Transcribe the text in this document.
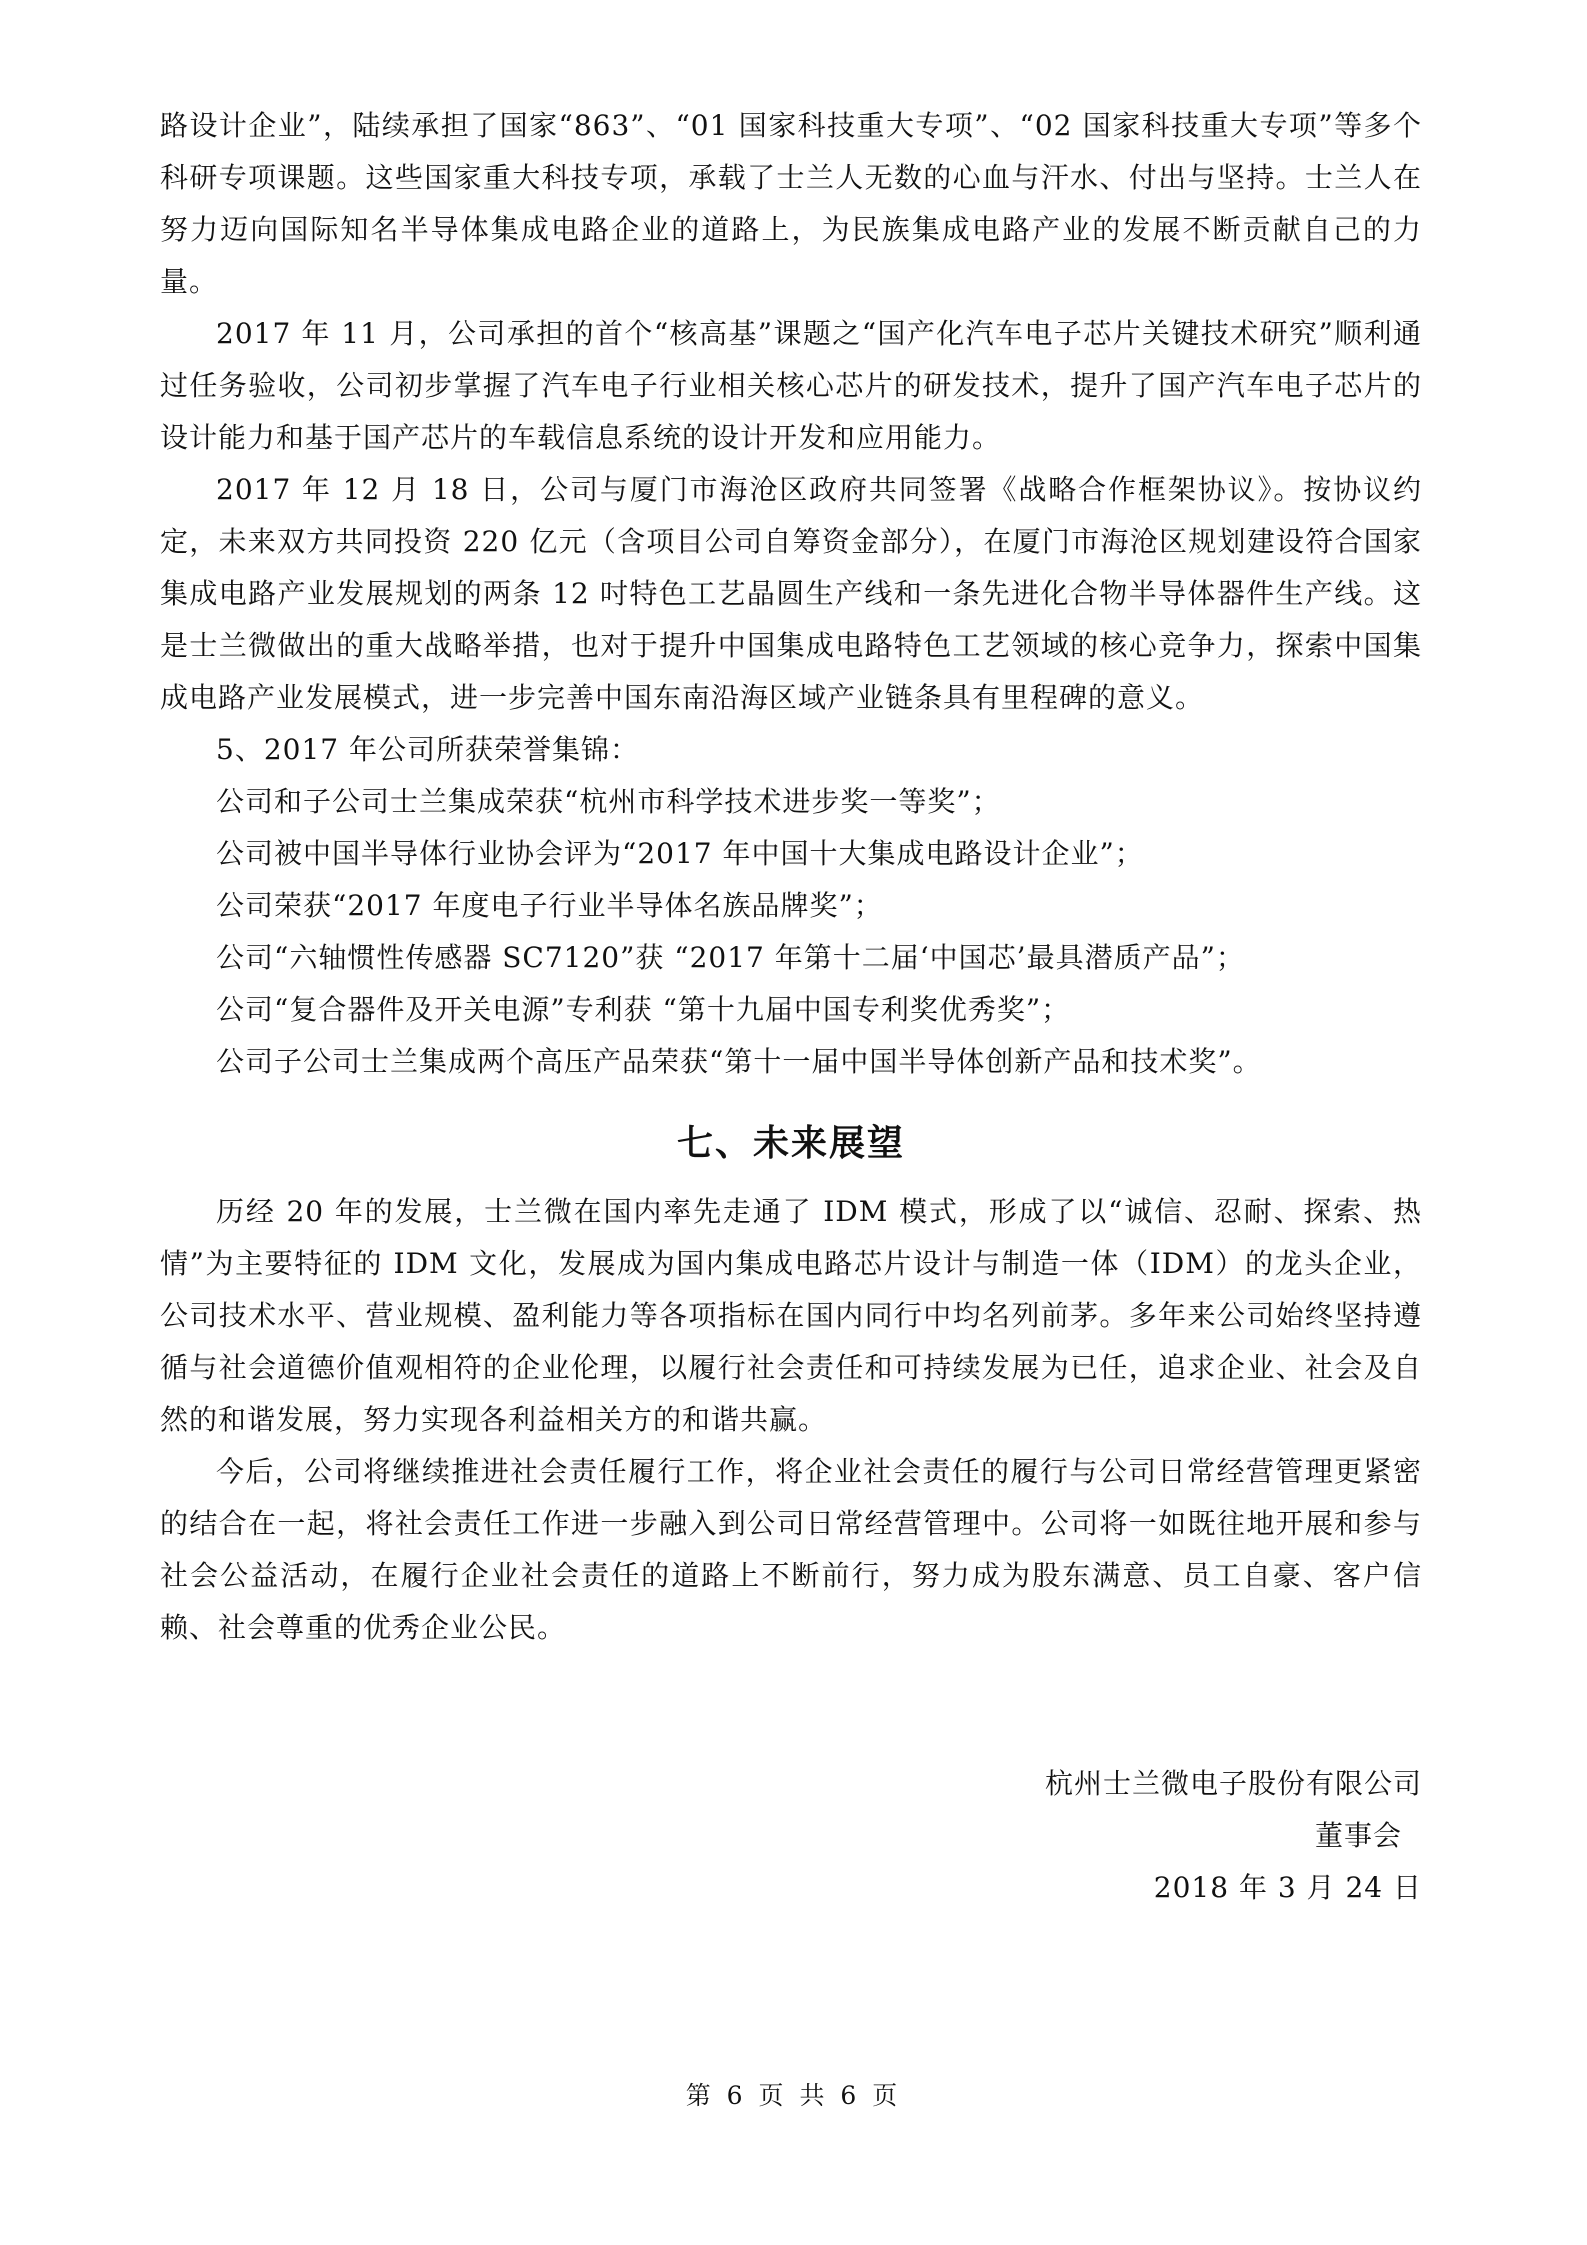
路设计企业”，陆续承担了国家“863”、“01 国家科技重大专项”、“02 国家科技重大专项”等多个科研专项课题。这些国家重大科技专项，承载了士兰人无数的心血与汗水、付出与坚持。士兰人在努力迈向国际知名半导体集成电路企业的道路上，为民族集成电路产业的发展不断贡献自己的力量。

2017 年 11 月，公司承担的首个“核高基”课题之“国产化汽车电子芯片关键技术研究”顺利通过任务验收，公司初步掌握了汽车电子行业相关核心芯片的研发技术，提升了国产汽车电子芯片的设计能力和基于国产芯片的车载信息系统的设计开发和应用能力。

2017 年 12 月 18 日，公司与厦门市海沧区政府共同签署《战略合作框架协议》。按协议约定，未来双方共同投资 220 亿元（含项目公司自筹资金部分），在厦门市海沧区规划建设符合国家集成电路产业发展规划的两条 12 吋特色工艺晶圆生产线和一条先进化合物半导体器件生产线。这是士兰微做出的重大战略举措，也对于提升中国集成电路特色工艺领域的核心竞争力，探索中国集成电路产业发展模式，进一步完善中国东南沿海区域产业链条具有里程碑的意义。

5、2017 年公司所获荣誉集锦：

公司和子公司士兰集成荣获“杭州市科学技术进步奖一等奖”；

公司被中国半导体行业协会评为“2017 年中国十大集成电路设计企业”；

公司荣获“2017 年度电子行业半导体名族品牌奖”；

公司“六轴惯性传感器 SC7120”获 “2017 年第十二届‘中国芯’最具潜质产品”；

公司“复合器件及开关电源”专利获 “第十九届中国专利奖优秀奖”；

公司子公司士兰集成两个高压产品荣获“第十一届中国半导体创新产品和技术奖”。

七、未来展望

历经 20 年的发展，士兰微在国内率先走通了 IDM 模式，形成了以“诚信、忍耐、探索、热情”为主要特征的 IDM 文化，发展成为国内集成电路芯片设计与制造一体（IDM）的龙头企业，公司技术水平、营业规模、盈利能力等各项指标在国内同行中均名列前茅。多年来公司始终坚持遵循与社会道德价值观相符的企业伦理，以履行社会责任和可持续发展为已任，追求企业、社会及自然的和谐发展，努力实现各利益相关方的和谐共赢。

今后，公司将继续推进社会责任履行工作，将企业社会责任的履行与公司日常经营管理更紧密的结合在一起，将社会责任工作进一步融入到公司日常经营管理中。公司将一如既往地开展和参与社会公益活动，在履行企业社会责任的道路上不断前行，努力成为股东满意、员工自豪、客户信赖、社会尊重的优秀企业公民。

杭州士兰微电子股份有限公司
董事会
2018 年 3 月 24 日
第 6 页 共 6 页
